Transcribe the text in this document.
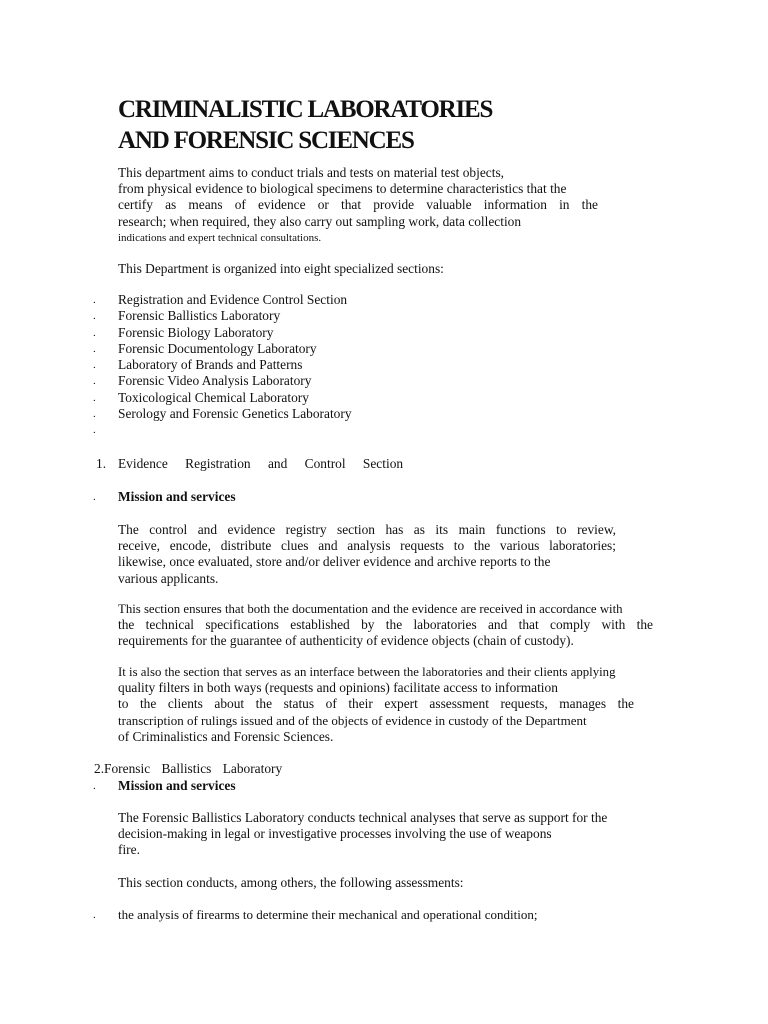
CRIMINALISTIC LABORATORIES
AND FORENSIC SCIENCES
This department aims to conduct trials and tests on material test objects,
from physical evidence to biological specimens to determine characteristics that the
certify as means of evidence or that provide valuable information in the
research; when required, they also carry out sampling work, data collection
indications and expert technical consultations.
This Department is organized into eight specialized sections:
. Registration and Evidence Control Section
. Forensic Ballistics Laboratory
. Forensic Biology Laboratory
. Forensic Documentology Laboratory
. Laboratory of Brands and Patterns
. Forensic Video Analysis Laboratory
. Toxicological Chemical Laboratory
. Serology and Forensic Genetics Laboratory
.
1. Evidence Registration and Control Section
. Mission and services
The control and evidence registry section has as its main functions to review,
receive, encode, distribute clues and analysis requests to the various laboratories;
likewise, once evaluated, store and/or deliver evidence and archive reports to the
various applicants.
This section ensures that both the documentation and the evidence are received in accordance with
the technical specifications established by the laboratories and that comply with the
requirements for the guarantee of authenticity of evidence objects (chain of custody).
It is also the section that serves as an interface between the laboratories and their clients applying
quality filters in both ways (requests and opinions) facilitate access to information
to the clients about the status of their expert assessment requests, manages the
transcription of rulings issued and of the objects of evidence in custody of the Department
of Criminalistics and Forensic Sciences.
2.Forensic Ballistics Laboratory
. Mission and services
The Forensic Ballistics Laboratory conducts technical analyses that serve as support for the
decision-making in legal or investigative processes involving the use of weapons
fire.
This section conducts, among others, the following assessments:
. the analysis of firearms to determine their mechanical and operational condition;
